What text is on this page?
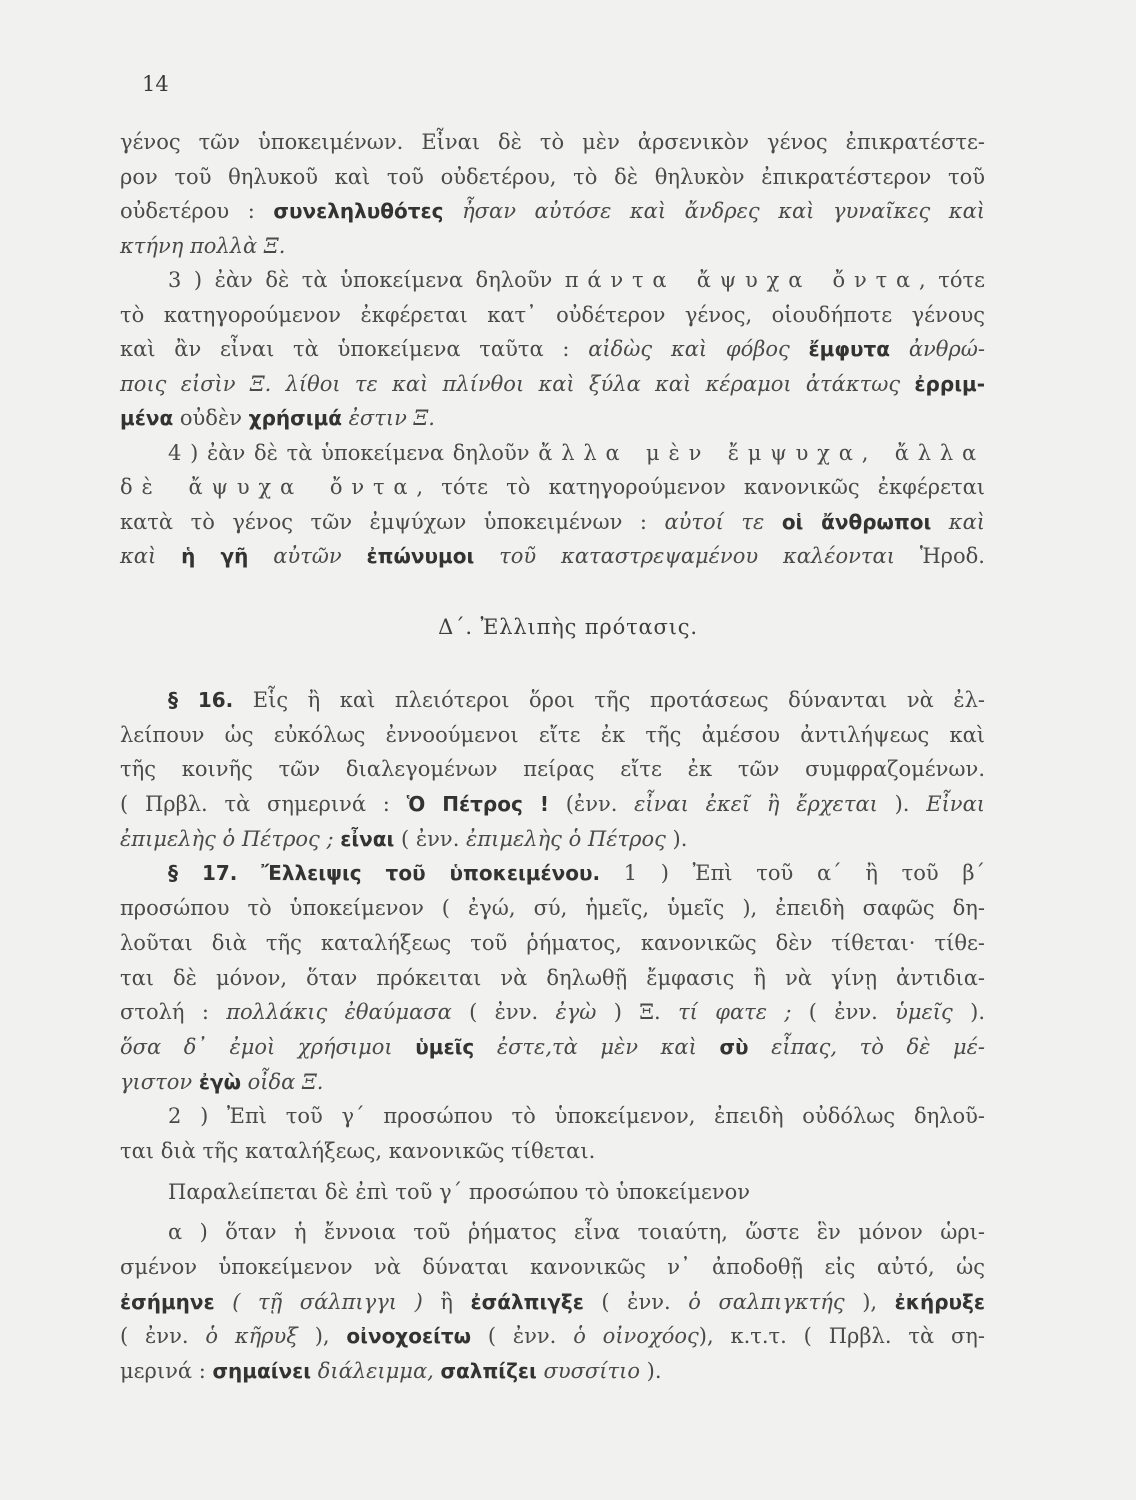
14
γένος τῶν ὑποκειμένων. Εἶναι δὲ τὸ μὲν ἀρσενικὸν γένος ἐπικρατέστε-
ρον τοῦ θηλυκοῦ καὶ τοῦ οὐδετέρου, τὸ δὲ θηλυκὸν ἐπικρατέστερον τοῦ
οὐδετέρου : συνεληλυθότες ἦσαν αὐτόσε καὶ ἄνδρες καὶ γυναῖκες καὶ
κτήνη πολλὰ Ξ.
3 ) ἐὰν δὲ τὰ ὑποκείμενα δηλοῦν πάντα ἄψυχα ὄντα, τότε
τὸ κατηγορούμενον ἐκφέρεται κατ᾽ οὐδέτερον γένος, οἱουδήποτε γένους
καὶ ἂν εἶναι τὰ ὑποκείμενα ταῦτα : αἰδὼς καὶ φόβος ἔμφυτα ἀνθρώ-
ποις εἰσὶν Ξ. λίθοι τε καὶ πλίνθοι καὶ ξύλα καὶ κέραμοι ἀτάκτως ἐρριμ-
μένα οὐδὲν χρήσιμά ἐστιν Ξ.
4 ) ἐὰν δὲ τὰ ὑποκείμενα δηλοῦν ἄλλα μὲν ἔμψυχα, ἄλλα
δὲ ἄψυχα ὄντα, τότε τὸ κατηγορούμενον κανονικῶς ἐκφέρεται
κατὰ τὸ γένος τῶν ἐμψύχων ὑποκειμένων : αὐτοί τε οἱ ἄνθρωποι καὶ
καὶ ἡ γῆ αὐτῶν ἐπώνυμοι τοῦ καταστρεψαμένου καλέονται Ἡροδ.
Δ΄. Ἐλλιπὴς πρότασις.
§ 16. Εἷς ἢ καὶ πλειότεροι ὅροι τῆς προτάσεως δύνανται νὰ ἐλ-
λείπουν ὡς εὐκόλως ἐννοούμενοι εἴτε ἐκ τῆς ἀμέσου ἀντιλήψεως καὶ
τῆς κοινῆς τῶν διαλεγομένων πείρας εἴτε ἐκ τῶν συμφραζομένων.
( Πρβλ. τὰ σημερινά : Ὁ Πέτρος ! (ἐνν. εἶναι ἐκεῖ ἢ ἔρχεται ). Εἶναι
ἐπιμελὴς ὁ Πέτρος ; εἶναι ( ἐνν. ἐπιμελὴς ὁ Πέτρος ).
§ 17. Ἔλλειψις τοῦ ὑποκειμένου. 1 ) Ἐπὶ τοῦ α΄ ἢ τοῦ β΄
προσώπου τὸ ὑποκείμενον ( ἐγώ, σύ, ἡμεῖς, ὑμεῖς ), ἐπειδὴ σαφῶς δη-
λοῦται διὰ τῆς καταλήξεως τοῦ ῥήματος, κανονικῶς δὲν τίθεται· τίθε-
ται δὲ μόνον, ὅταν πρόκειται νὰ δηλωθῇ ἔμφασις ἢ νὰ γίνῃ ἀντιδια-
στολή : πολλάκις ἐθαύμασα ( ἐνν. ἐγὼ ) Ξ. τί φατε ; ( ἐνν. ὑμεῖς ).
ὅσα δ᾽ ἐμοὶ χρήσιμοι ὑμεῖς ἐστε,τὰ μὲν καὶ σὺ εἶπας, τὸ δὲ μέ-
γιστον ἐγὼ οἶδα Ξ.
2 ) Ἐπὶ τοῦ γ΄ προσώπου τὸ ὑποκείμενον, ἐπειδὴ οὐδόλως δηλοῦ-
ται διὰ τῆς καταλήξεως, κανονικῶς τίθεται.
Παραλείπεται δὲ ἐπὶ τοῦ γ΄ προσώπου τὸ ὑποκείμενον
α ) ὅταν ἡ ἔννοια τοῦ ῥήματος εἶνα τοιαύτη, ὥστε ἓν μόνον ὡρι-
σμένον ὑποκείμενον νὰ δύναται κανονικῶς ν᾽ ἀποδοθῇ εἰς αὐτό, ὡς
ἐσήμηνε ( τῇ σάλπιγγι ) ἢ ἐσάλπιγξε ( ἐνν. ὁ σαλπιγκτής ), ἐκήρυξε
( ἐνν. ὁ κῆρυξ ), οἰνοχοείτω ( ἐνν. ὁ οἰνοχόος), κ.τ.τ. ( Πρβλ. τὰ ση-
μερινά : σημαίνει διάλειμμα, σαλπίζει συσσίτιο ).
